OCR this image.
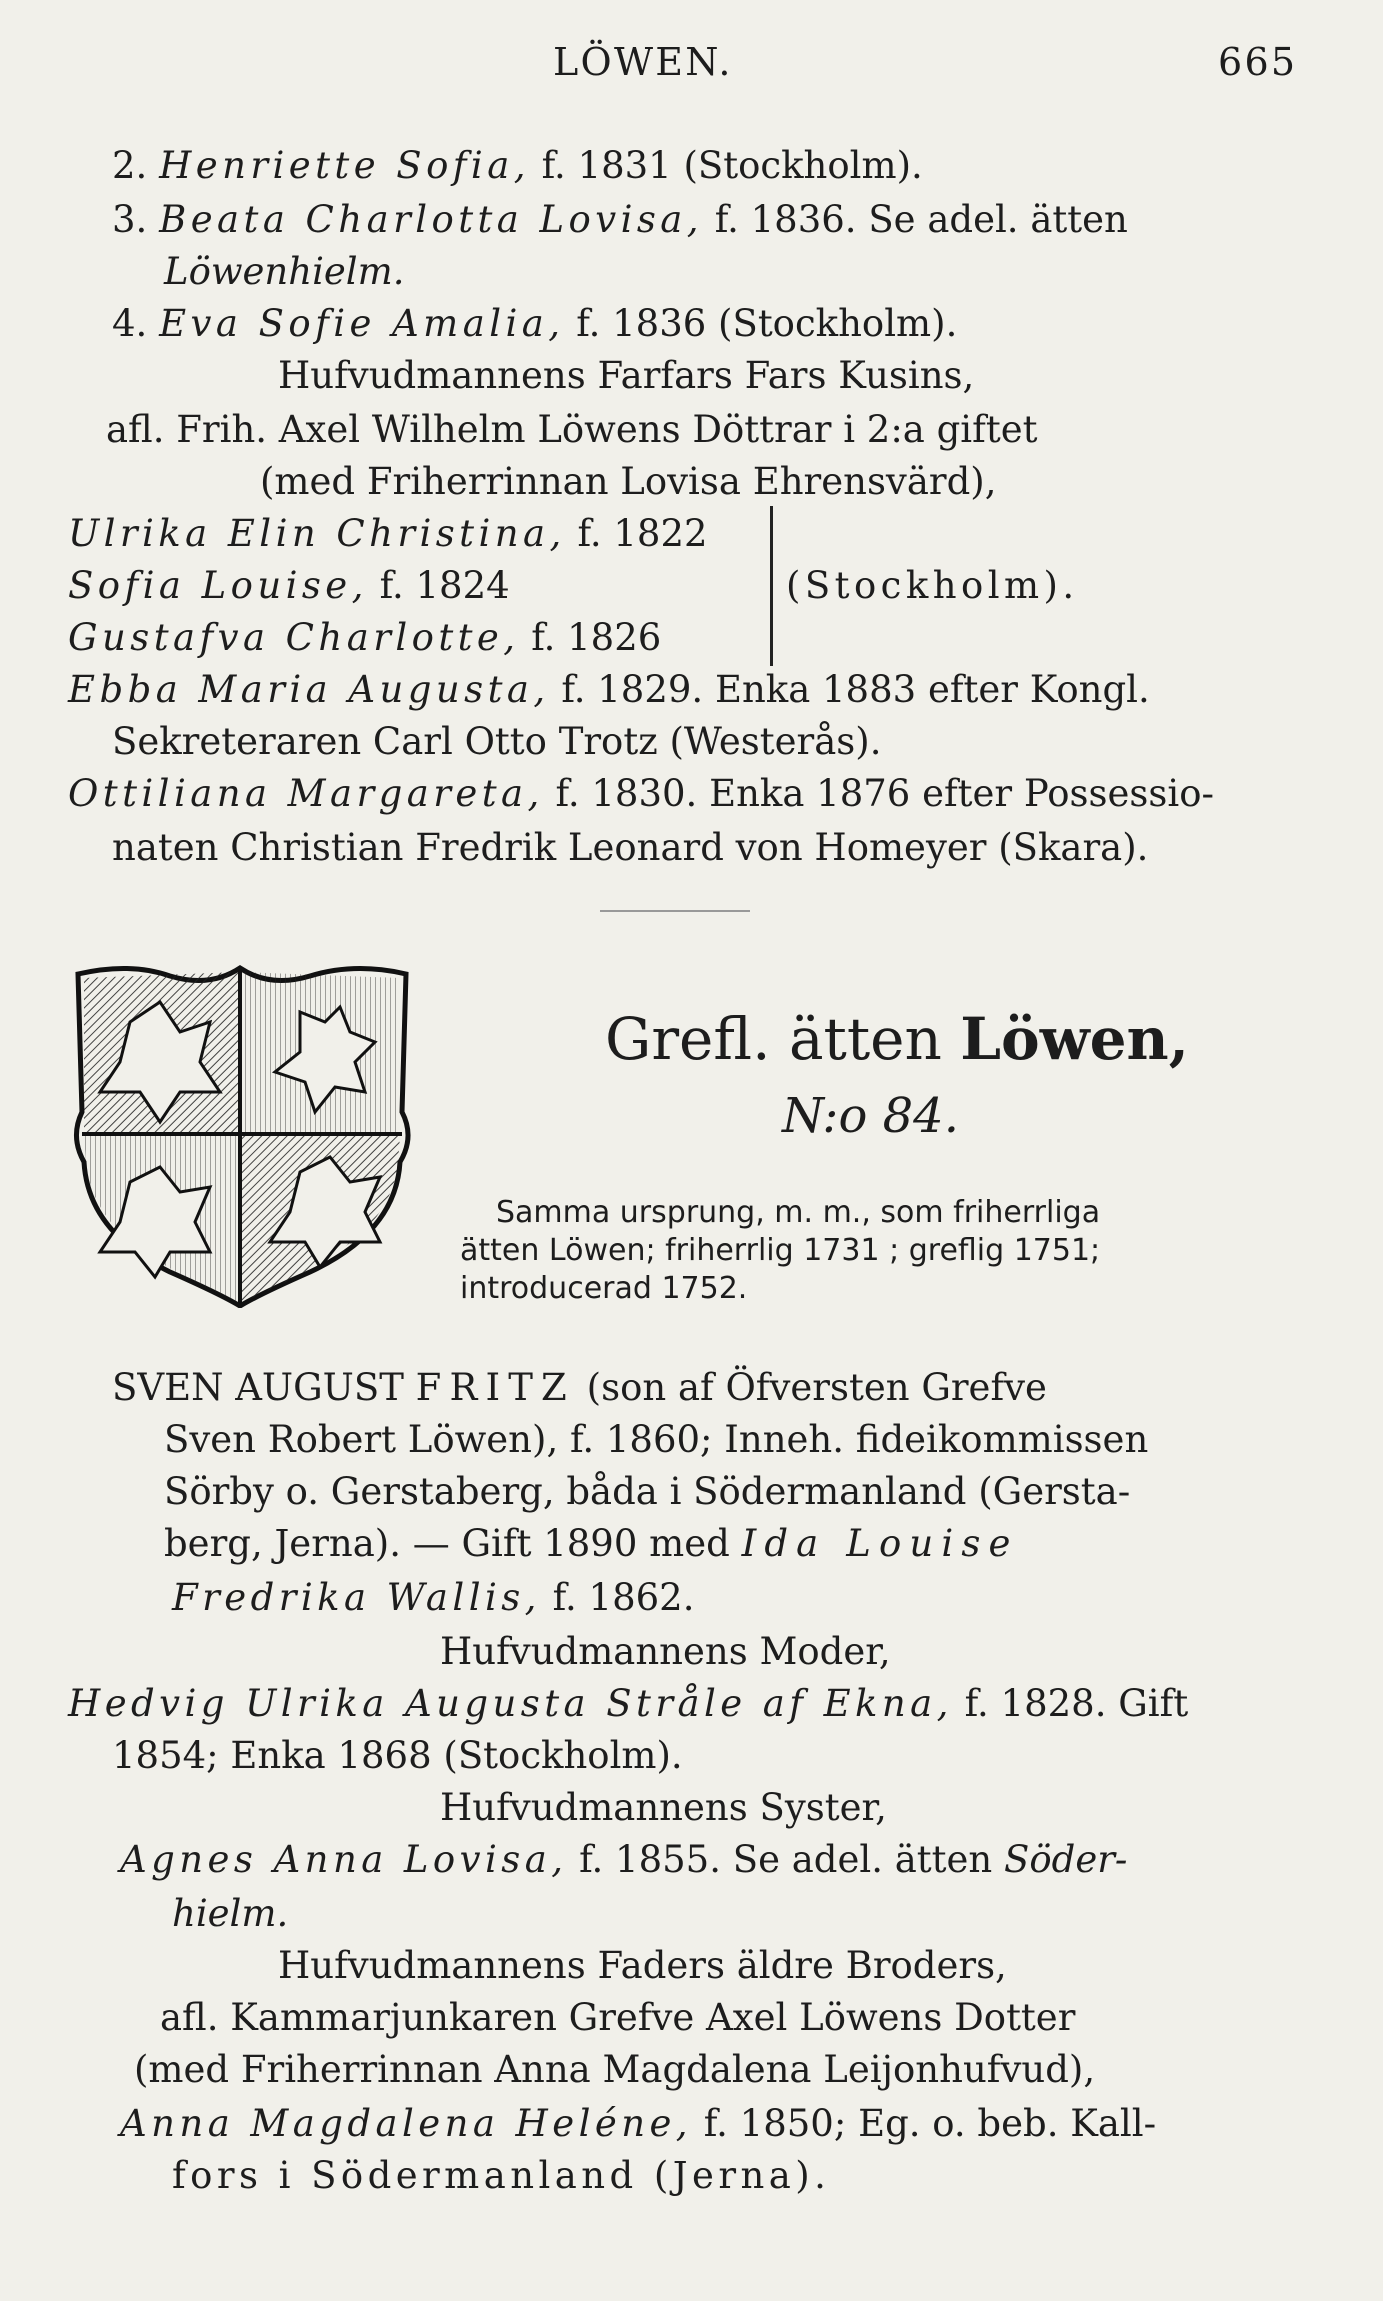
LÖWEN.	665
2. Henriette Sofia, f. 1831 (Stockholm).
3. Beata Charlotta Lovisa, f. 1836. Se adel. ätten
Löwenhielm.
4. Eva Sofie Amalia, f. 1836 (Stockholm).
Hufvudmannens Farfars Fars Kusins,
afl. Frih. Axel Wilhelm Löwens Döttrar i 2:a giftet
(med Friherrinnan Lovisa Ehrensvärd),
Ulrika Elin Christina, f. 1822
Sofia Louise, f. 1824
Gustafva Charlotte, f. 1826
(Stockholm).
Ebba Maria Augusta, f. 1829. Enka 1883 efter Kongl.
Sekreteraren Carl Otto Trotz (Westerås).
Ottiliana Margareta, f. 1830. Enka 1876 efter Possessio-
naten Christian Fredrik Leonard von Homeyer (Skara).
Grefl. ätten Löwen,
N:o 84.
Samma ursprung, m. m., som friherrliga
ätten Löwen; friherrlig 1731 ; greflig 1751;
introducerad 1752.
SVEN AUGUST FRITZ (son af Öfversten Grefve
Sven Robert Löwen), f. 1860; Inneh. fideikommissen
Sörby o. Gerstaberg, båda i Södermanland (Gersta-
berg, Jerna). — Gift 1890 med Ida Louise
Fredrika Wallis, f. 1862.
Hufvudmannens Moder,
Hedvig Ulrika Augusta Stråle af Ekna, f. 1828. Gift
1854; Enka 1868 (Stockholm).
Hufvudmannens Syster,
Agnes Anna Lovisa, f. 1855. Se adel. ätten Söder-
hielm.
Hufvudmannens Faders äldre Broders,
afl. Kammarjunkaren Grefve Axel Löwens Dotter
(med Friherrinnan Anna Magdalena Leijonhufvud),
Anna Magdalena Heléne, f. 1850; Eg. o. beb. Kall-
fors i Södermanland (Jerna).
